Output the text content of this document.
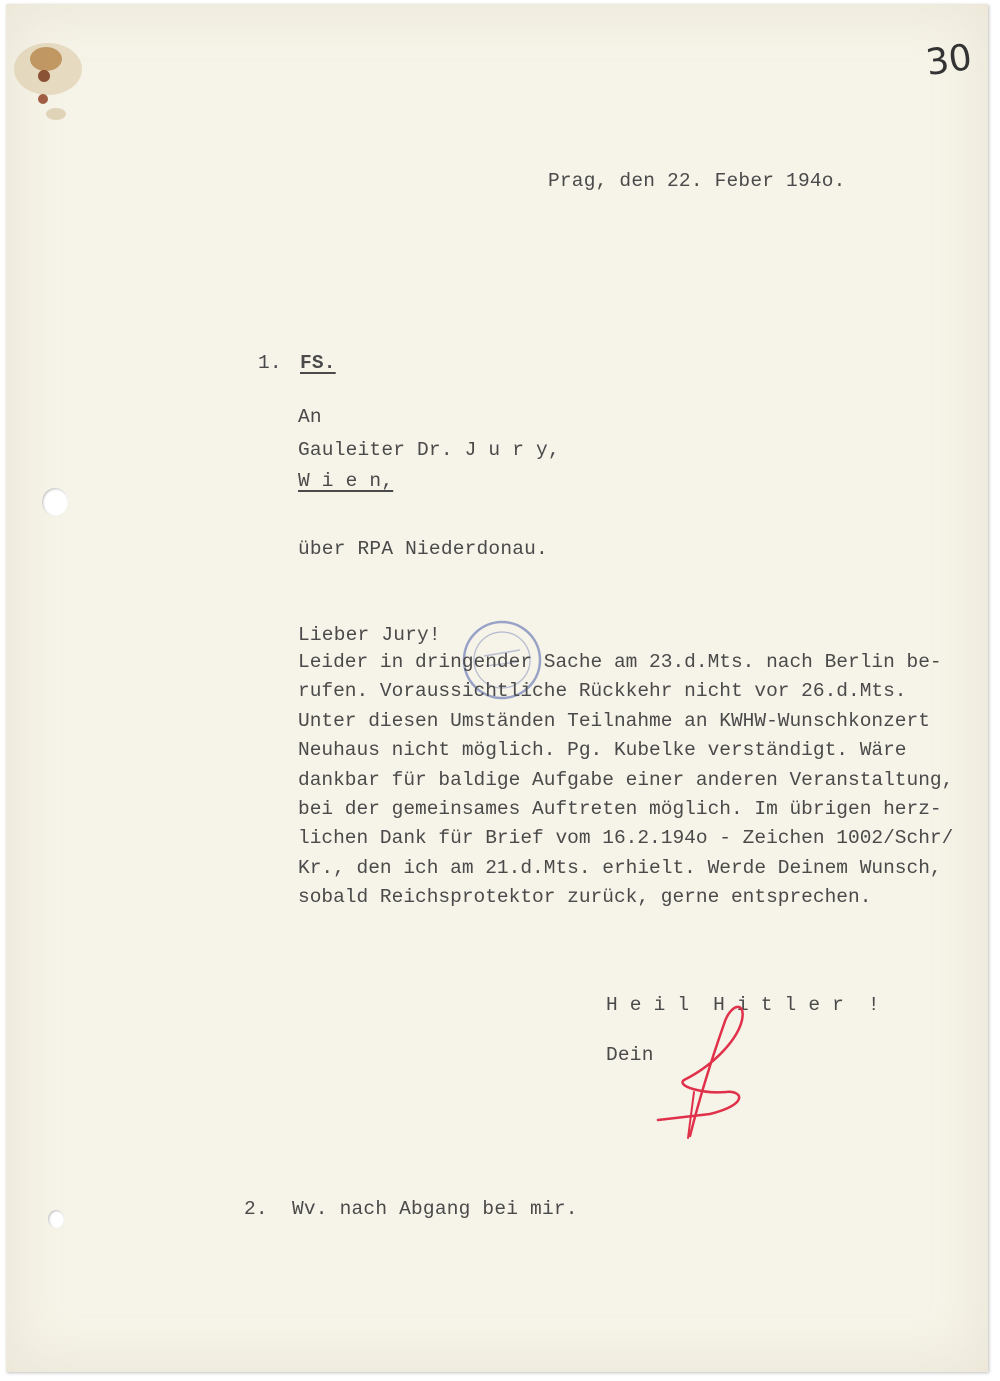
30
Prag, den 22. Feber 194o.
1. FS.
An
Gauleiter Dr. J u r y,
W i e n,
über RPA Niederdonau.
Lieber Jury!
Leider in dringender Sache am 23.d.Mts. nach Berlin be-
rufen. Voraussichtliche Rückkehr nicht vor 26.d.Mts.
Unter diesen Umständen Teilnahme an KWHW-Wunschkonzert
Neuhaus nicht möglich. Pg. Kubelke verständigt. Wäre
dankbar für baldige Aufgabe einer anderen Veranstaltung,
bei der gemeinsames Auftreten möglich. Im übrigen herz-
lichen Dank für Brief vom 16.2.194o - Zeichen 1002/Schr/
Kr., den ich am 21.d.Mts. erhielt. Werde Deinem Wunsch,
sobald Reichsprotektor zurück, gerne entsprechen.
H e i l  H i t l e r  !
Dein
2. Wv. nach Abgang bei mir.
